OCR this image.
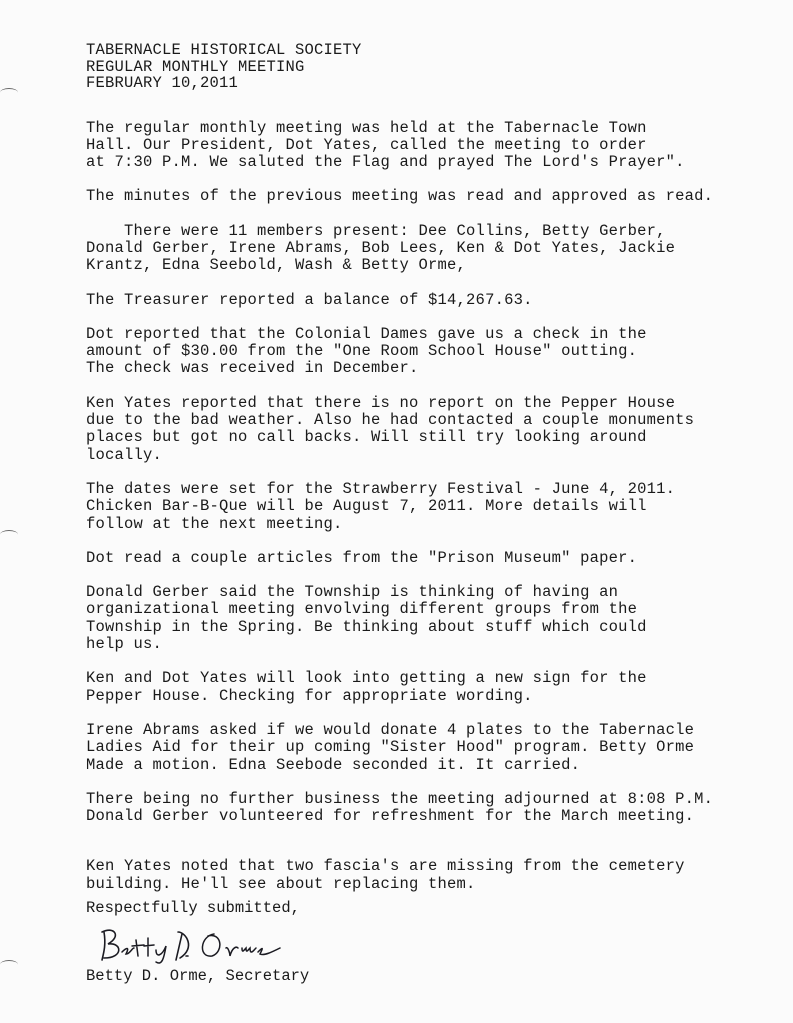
TABERNACLE HISTORICAL SOCIETY
REGULAR MONTHLY MEETING
FEBRUARY 10,2011
The regular monthly meeting was held at the Tabernacle Town
Hall. Our President, Dot Yates, called the meeting to order
at 7:30 P.M. We saluted the Flag and prayed The Lord's Prayer".
The minutes of the previous meeting was read and approved as read.
There were 11 members present: Dee Collins, Betty Gerber,
Donald Gerber, Irene Abrams, Bob Lees, Ken & Dot Yates, Jackie
Krantz, Edna Seebold, Wash & Betty Orme,
The Treasurer reported a balance of $14,267.63.
Dot reported that the Colonial Dames gave us a check in the
amount of $30.00 from the "One Room School House" outting.
The check was received in December.
Ken Yates reported that there is no report on the Pepper House
due to the bad weather. Also he had contacted a couple monuments
places but got no call backs. Will still try looking around
locally.
The dates were set for the Strawberry Festival - June 4, 2011.
Chicken Bar-B-Que will be August 7, 2011. More details will
follow at the next meeting.
Dot read a couple articles from the "Prison Museum" paper.
Donald Gerber said the Township is thinking of having an
organizational meeting envolving different groups from the
Township in the Spring. Be thinking about stuff which could
help us.
Ken and Dot Yates will look into getting a new sign for the
Pepper House. Checking for appropriate wording.
Irene Abrams asked if we would donate 4 plates to the Tabernacle
Ladies Aid for their up coming "Sister Hood" program. Betty Orme
Made a motion. Edna Seebode seconded it. It carried.
There being no further business the meeting adjourned at 8:08 P.M.
Donald Gerber volunteered for refreshment for the March meeting.
Ken Yates noted that two fascia's are missing from the cemetery
building. He'll see about replacing them.
Respectfully submitted,
Betty D. Orme, Secretary
